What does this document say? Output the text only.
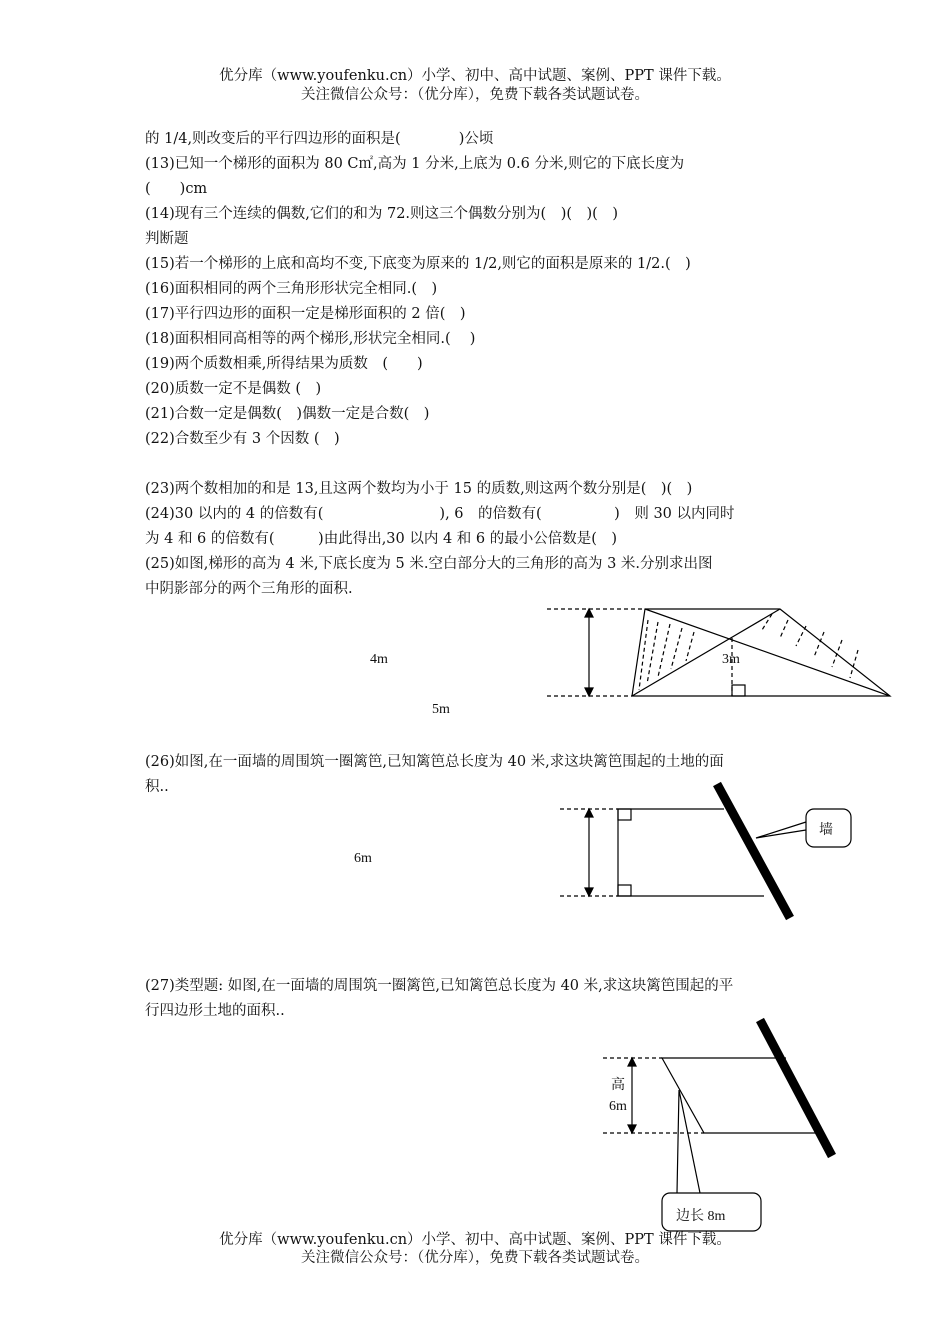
优分库（www.youfenku.cn）小学、初中、高中试题、案例、PPT 课件下载。
关注微信公众号：（优分库），免费下载各类试题试卷。
的 1/4,则改变后的平行四边形的面积是(　　　　)公顷
(13)已知一个梯形的面积为 80 C㎡,高为 1 分米,上底为 0.6 分米,则它的下底长度为
(　　)cm
(14)现有三个连续的偶数,它们的和为 72.则这三个偶数分别为(　)(　)(　)
判断题
(15)若一个梯形的上底和高均不变,下底变为原来的 1/2,则它的面积是原来的 1/2.(　)
(16)面积相同的两个三角形形状完全相同.(　)
(17)平行四边形的面积一定是梯形面积的 2 倍(　)
(18)面积相同高相等的两个梯形,形状完全相同.(　 )
(19)两个质数相乘,所得结果为质数　(　　)
(20)质数一定不是偶数 (　)
(21)合数一定是偶数(　)偶数一定是合数(　)
(22)合数至少有 3 个因数 (　)
(23)两个数相加的和是 13,且这两个数均为小于 15 的质数,则这两个数分别是(　)(　)
(24)30 以内的 4 的倍数有(　　　　　　　　), 6　的倍数有(　　　　　)　则 30 以内同时
为 4 和 6 的倍数有(　　　)由此得出,30 以内 4 和 6 的最小公倍数是(　)
(25)如图,梯形的高为 4 米,下底长度为 5 米.空白部分大的三角形的高为 3 米.分别求出图
中阴影部分的两个三角形的面积.
(26)如图,在一面墙的周围筑一圈篱笆,已知篱笆总长度为 40 米,求这块篱笆围起的土地的面
积..
(27)类型题: 如图,在一面墙的周围筑一圈篱笆,已知篱笆总长度为 40 米,求这块篱笆围起的平
行四边形土地的面积..
4m
5m
3m
6m
墙
高
6m
边长 8m
优分库（www.youfenku.cn）小学、初中、高中试题、案例、PPT 课件下载。
关注微信公众号：（优分库），免费下载各类试题试卷。
